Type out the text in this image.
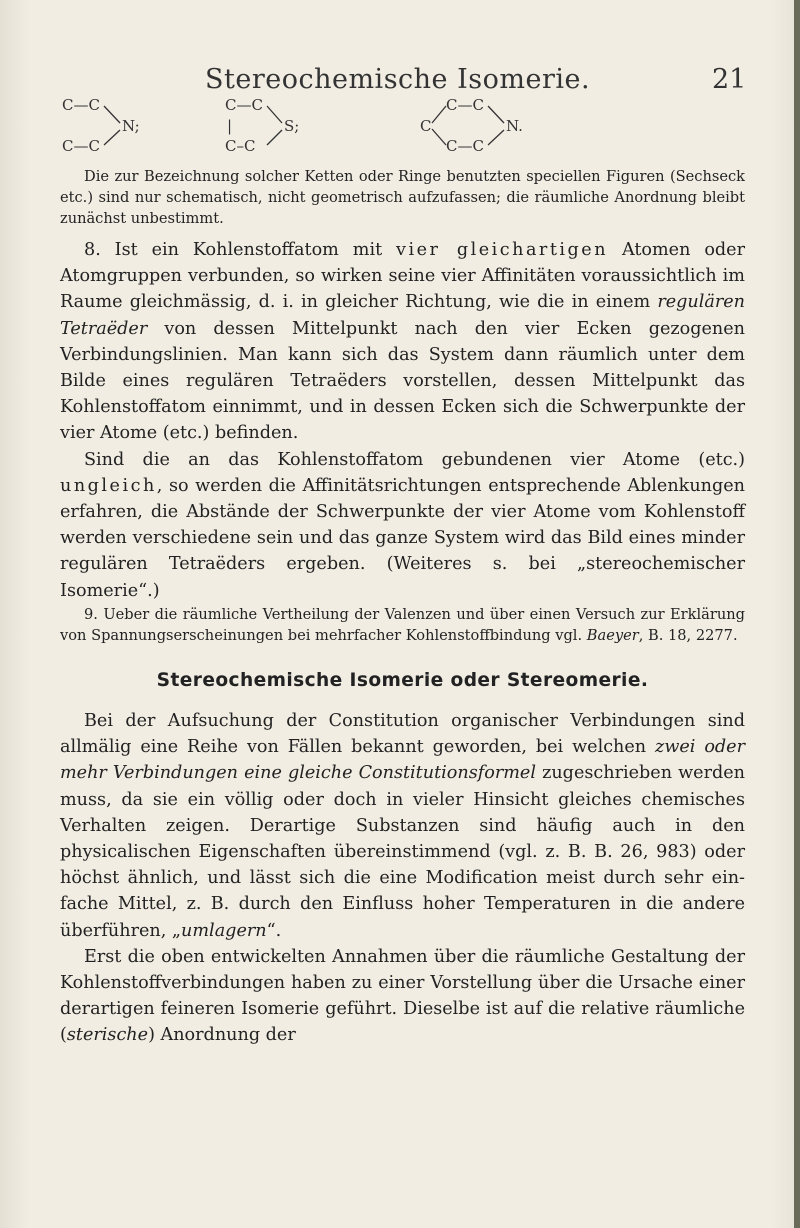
Stereochemische Isomerie.	21
C—C
C—C
N;
C—C
|
C–C
S;	C
C—C
C—C
N.

Die zur Bezeichnung solcher Ketten oder Ringe benutzten speciellen Figuren (Sechseck etc.) sind nur schematisch, nicht geometrisch aufzufassen; die räumliche Anordnung bleibt zunächst unbestimmt.

8. Ist ein Kohlenstoffatom mit vier gleichartigen Atomen oder Atomgruppen verbunden, so wirken seine vier Affinitäten voraussichtlich im Raume gleichmässig, d. i. in gleicher Richtung, wie die in einem regulären Tetraëder von dessen Mittelpunkt nach den vier Ecken gezogenen Verbindungslinien. Man kann sich das System dann räumlich unter dem Bilde eines regulären Tetraëders vorstellen, dessen Mittelpunkt das Kohlenstoffatom einnimmt, und in dessen Ecken sich die Schwerpunkte der vier Atome (etc.) befinden.

Sind die an das Kohlenstoffatom gebundenen vier Atome (etc.) ungleich, so werden die Affinitätsrichtungen entsprechende Ablenkungen erfahren, die Abstände der Schwerpunkte der vier Atome vom Kohlenstoff werden verschiedene sein und das ganze System wird das Bild eines minder regulären Tetraëders ergeben. (Weiteres s. bei „stereochemischer Isomerie“.)

9. Ueber die räumliche Vertheilung der Valenzen und über einen Versuch zur Erklärung von Spannungserscheinungen bei mehrfacher Kohlenstoffbindung vgl. Baeyer, B. 18, 2277.

Stereochemische Isomerie oder Stereomerie.

Bei der Aufsuchung der Constitution organischer Verbindungen sind allmälig eine Reihe von Fällen bekannt geworden, bei welchen zwei oder mehr Verbindungen eine gleiche Constitutionsformel zugeschrieben werden muss, da sie ein völlig oder doch in vieler Hinsicht gleiches chemisches Verhalten zeigen. Derartige Substanzen sind häufig auch in den physicalischen Eigenschaften übereinstimmend (vgl. z. B. B. 26, 983) oder höchst ähnlich, und lässt sich die eine Modification meist durch sehr einfache Mittel, z. B. durch den Einfluss hoher Temperaturen in die andere überführen, „umlagern“.

Erst die oben entwickelten Annahmen über die räumliche Gestaltung der Kohlenstoffverbindungen haben zu einer Vorstellung über die Ursache einer derartigen feineren Isomerie geführt. Dieselbe ist auf die relative räumliche (sterische) Anordnung der
